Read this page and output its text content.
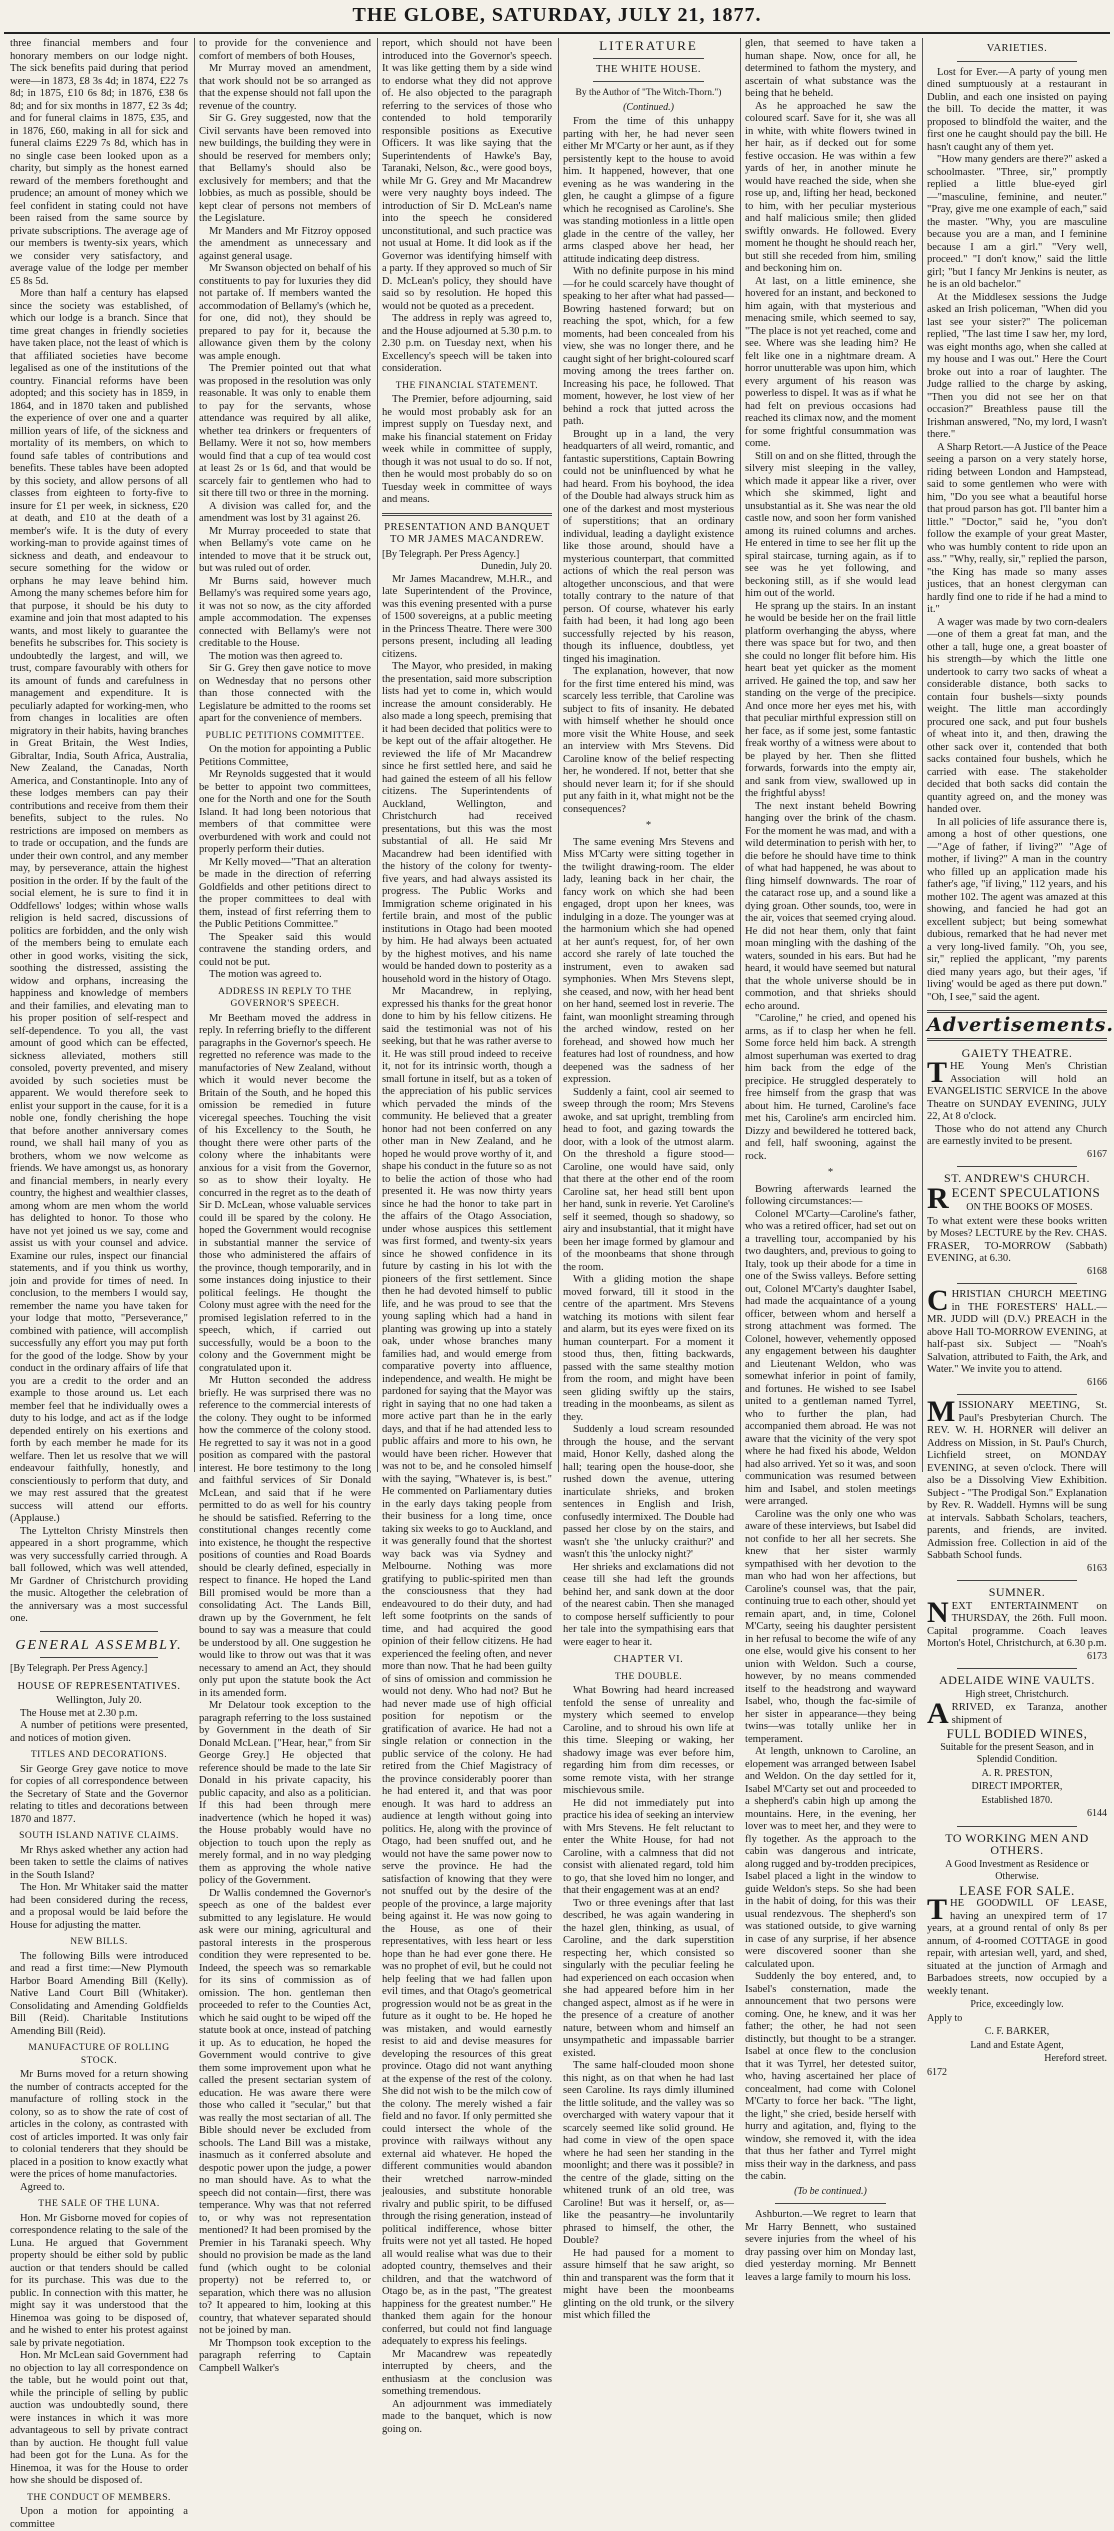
THE GLOBE, SATURDAY, JULY 21, 1877.

three financial members and four honorary members on our lodge night. The sick benefits paid during that period were—in 1873, £8 3s 4d; in 1874, £22 7s 8d; in 1875, £10 6s 8d; in 1876, £38 6s 8d; and for six months in 1877, £2 3s 4d; and for funeral claims in 1875, £35, and in 1876, £60, making in all for sick and funeral claims £229 7s 8d, which has in no single case been looked upon as a charity, but simply as the honest earned reward of the members forethought and prudence; an amount of money which we feel confident in stating could not have been raised from the same source by private subscriptions. The average age of our members is twenty-six years, which we consider very satisfactory, and average value of the lodge per member £5 8s 5d.

More than half a century has elapsed since the society was established, of which our lodge is a branch. Since that time great changes in friendly societies have taken place, not the least of which is that affiliated societies have become legalised as one of the institutions of the country. Financial reforms have been adopted; and this society has in 1859, in 1864, and in 1870 taken and published the experience of over one and a quarter million years of life, of the sickness and mortality of its members, on which to found safe tables of contributions and benefits. These tables have been adopted by this society, and allow persons of all classes from eighteen to forty-five to insure for £1 per week, in sickness, £20 at death, and £10 at the death of a member's wife. It is the duty of every working-man to provide against times of sickness and death, and endeavour to secure something for the widow or orphans he may leave behind him. Among the many schemes before him for that purpose, it should be his duty to examine and join that most adapted to his wants, and most likely to guarantee the benefits he subscribes for. This society is undoubtedly the largest, and will, we trust, compare favourably with others for its amount of funds and carefulness in management and expenditure. It is peculiarly adapted for working-men, who from changes in localities are often migratory in their habits, having branches in Great Britain, the West Indies, Gibraltar, India, South Africa, Australia, New Zealand, the Canadas, North America, and Constantinople. Into any of these lodges members can pay their contributions and receive from them their benefits, subject to the rules. No restrictions are imposed on members as to trade or occupation, and the funds are under their own control, and any member may, by perseverance, attain the highest position in the order. If by the fault of the social element, he is sure to find it in Oddfellows' lodges; within whose walls religion is held sacred, discussions of politics are forbidden, and the only wish of the members being to emulate each other in good works, visiting the sick, soothing the distressed, assisting the widow and orphans, increasing the happiness and knowledge of members and their families, and elevating man to his proper position of self-respect and self-dependence. To you all, the vast amount of good which can be effected, sickness alleviated, mothers still consoled, poverty prevented, and misery avoided by such societies must be apparent. We would therefore seek to enlist your support in the cause, for it is a noble one, fondly cherishing the hope that before another anniversary comes round, we shall hail many of you as brothers, whom we now welcome as friends. We have amongst us, as honorary and financial members, in nearly every country, the highest and wealthier classes, among whom are men whom the world has delighted to honor. To those who have not yet joined us we say, come and assist us with your counsel and advice. Examine our rules, inspect our financial statements, and if you think us worthy, join and provide for times of need. In conclusion, to the members I would say, remember the name you have taken for your lodge that motto, "Perseverance," combined with patience, will accomplish successfully any effort you may put forth for the good of the lodge. Show by your conduct in the ordinary affairs of life that you are a credit to the order and an example to those around us. Let each member feel that he individually owes a duty to his lodge, and act as if the lodge depended entirely on his exertions and forth by each member he made for its welfare. Then let us resolve that we will endeavour faithfully, honestly, and conscientiously to perform that duty, and we may rest assured that the greatest success will attend our efforts. (Applause.)

The Lyttelton Christy Minstrels then appeared in a short programme, which was very successfully carried through. A ball followed, which was well attended, Mr Gardner of Christchurch providing the music. Altogether the celebration of the anniversary was a most successful one.

GENERAL ASSEMBLY.

[By Telegraph. Per Press Agency.]

HOUSE OF REPRESENTATIVES.

Wellington, July 20.

The House met at 2.30 p.m.

A number of petitions were presented, and notices of motion given.

TITLES AND DECORATIONS.

Sir George Grey gave notice to move for copies of all correspondence between the Secretary of State and the Governor relating to titles and decorations between 1870 and 1877.

SOUTH ISLAND NATIVE CLAIMS.

Mr Rhys asked whether any action had been taken to settle the claims of natives in the South Island?

The Hon. Mr Whitaker said the matter had been considered during the recess, and a proposal would be laid before the House for adjusting the matter.

NEW BILLS.

The following Bills were introduced and read a first time:—New Plymouth Harbor Board Amending Bill (Kelly). Native Land Court Bill (Whitaker). Consolidating and Amending Goldfields Bill (Reid). Charitable Institutions Amending Bill (Reid).

MANUFACTURE OF ROLLING STOCK.

Mr Burns moved for a return showing the number of contracts accepted for the manufacture of rolling stock in the colony, so as to show the rate of cost of articles in the colony, as contrasted with cost of articles imported. It was only fair to colonial tenderers that they should be placed in a position to know exactly what were the prices of home manufactories.

Agreed to.

THE SALE OF THE LUNA.

Hon. Mr Gisborne moved for copies of correspondence relating to the sale of the Luna. He argued that Government property should be either sold by public auction or that tenders should be called for its purchase. This was due to the public. In connection with this matter, he might say it was understood that the Hinemoa was going to be disposed of, and he wished to enter his protest against sale by private negotiation.

Hon. Mr McLean said Government had no objection to lay all correspondence on the table, but he would point out that, while the principle of selling by public auction was undoubtedly sound, there were instances in which it was more advantageous to sell by private contract than by auction. He thought full value had been got for the Luna. As for the Hinemoa, it was for the House to order how she should be disposed of.

THE CONDUCT OF MEMBERS.

Upon a motion for appointing a committee

to provide for the convenience and comfort of members of both Houses,

Mr Murray moved an amendment, that work should not be so arranged as that the expense should not fall upon the revenue of the country.

Sir G. Grey suggested, now that the Civil servants have been removed into new buildings, the building they were in should be reserved for members only; that Bellamy's should also be exclusively for members; and that the lobbies, as much as possible, should be kept clear of persons not members of the Legislature.

Mr Manders and Mr Fitzroy opposed the amendment as unnecessary and against general usage.

Mr Swanson objected on behalf of his constituents to pay for luxuries they did not partake of. If members wanted the accommodation of Bellamy's (which he, for one, did not), they should be prepared to pay for it, because the allowance given them by the colony was ample enough.

The Premier pointed out that what was proposed in the resolution was only reasonable. It was only to enable them to pay for the servants, whose attendance was required by all alike, whether tea drinkers or frequenters of Bellamy. Were it not so, how members would find that a cup of tea would cost at least 2s or 1s 6d, and that would be scarcely fair to gentlemen who had to sit there till two or three in the morning.

A division was called for, and the amendment was lost by 31 against 26.

Mr Murray proceeded to state that when Bellamy's vote came on he intended to move that it be struck out, but was ruled out of order.

Mr Burns said, however much Bellamy's was required some years ago, it was not so now, as the city afforded ample accommodation. The expenses connected with Bellamy's were not creditable to the House.

The motion was then agreed to.

Sir G. Grey then gave notice to move on Wednesday that no persons other than those connected with the Legislature be admitted to the rooms set apart for the convenience of members.

PUBLIC PETITIONS COMMITTEE.

On the motion for appointing a Public Petitions Committee,

Mr Reynolds suggested that it would be better to appoint two committees, one for the North and one for the South Island. It had long been notorious that members of that committee were overburdened with work and could not properly perform their duties.

Mr Kelly moved—"That an alteration be made in the direction of referring Goldfields and other petitions direct to the proper committees to deal with them, instead of first referring them to the Public Petitions Committee."

The Speaker said this would contravene the standing orders, and could not be put.

The motion was agreed to.

ADDRESS IN REPLY TO THE GOVERNOR'S SPEECH.

Mr Beetham moved the address in reply. In referring briefly to the different paragraphs in the Governor's speech. He regretted no reference was made to the manufactories of New Zealand, without which it would never become the Britain of the South, and he hoped this omission be remedied in future viceregal speeches. Touching the visit of his Excellency to the South, he thought there were other parts of the colony where the inhabitants were anxious for a visit from the Governor, so as to show their loyalty. He concurred in the regret as to the death of Sir D. McLean, whose valuable services could ill be spared by the colony. He hoped the Government would recognise in substantial manner the service of those who administered the affairs of the province, though temporarily, and in some instances doing injustice to their political feelings. He thought the Colony must agree with the need for the promised legislation referred to in the speech, which, if carried out successfully, would be a boon to the colony and the Government might be congratulated upon it.

Mr Hutton seconded the address briefly. He was surprised there was no reference to the commercial interests of the colony. They ought to be informed how the commerce of the colony stood. He regretted to say it was not in a good position as compared with the pastoral interest. He bore testimony to the long and faithful services of Sir Donald McLean, and said that if he were permitted to do as well for his country he should be satisfied. Referring to the constitutional changes recently come into existence, he thought the respective positions of counties and Road Boards should be clearly defined, especially in respect to finance. He hoped the Land Bill promised would be more than a consolidating Act. The Lands Bill, drawn up by the Government, he felt bound to say was a measure that could be understood by all. One suggestion he would like to throw out was that it was necessary to amend an Act, they should only put upon the statute book the Act in its amended form.

Mr Delatour took exception to the paragraph referring to the loss sustained by Government in the death of Sir Donald McLean. ["Hear, hear," from Sir George Grey.] He objected that reference should be made to the late Sir Donald in his private capacity, his public capacity, and also as a politician. If this had been through mere inadvertence (which he hoped it was) the House probably would have no objection to touch upon the reply as merely formal, and in no way pledging them as approving the whole native policy of the Government.

Dr Wallis condemned the Governor's speech as one of the baldest ever submitted to any legislature. He would ask were our mining, agricultural and pastoral interests in the prosperous condition they were represented to be. Indeed, the speech was so remarkable for its sins of commission as of omission. The hon. gentleman then proceeded to refer to the Counties Act, which he said ought to be wiped off the statute book at once, instead of patching it up. As to education, he hoped the Government would contrive to give them some improvement upon what he called the present sectarian system of education. He was aware there were those who called it "secular," but that was really the most sectarian of all. The Bible should never be excluded from schools. The Land Bill was a mistake, inasmuch as it conferred absolute and despotic power upon the judge, a power no man should have. As to what the speech did not contain—first, there was temperance. Why was that not referred to, or why was not representation mentioned? It had been promised by the Premier in his Taranaki speech. Why should no provision be made as the land fund (which ought to be colonial property) not be referred to, or separation, which there was no allusion to? It appeared to him, looking at this country, that whatever separated should not be joined by man.

Mr Thompson took exception to the paragraph referring to Captain Campbell Walker's

report, which should not have been introduced into the Governor's speech. It was like getting them by a side wind to endorse what they did not approve of. He also objected to the paragraph referring to the services of those who contended to hold temporarily responsible positions as Executive Officers. It was like saying that the Superintendents of Hawke's Bay, Taranaki, Nelson, &c., were good boys, while Mr G. Grey and Mr Macandrew were very naughty boys indeed. The introduction of Sir D. McLean's name into the speech he considered unconstitutional, and such practice was not usual at Home. It did look as if the Governor was identifying himself with a party. If they approved so much of Sir D. McLean's policy, they should have said so by resolution. He hoped this would not be quoted as a precedent.

The address in reply was agreed to, and the House adjourned at 5.30 p.m. to 2.30 p.m. on Tuesday next, when his Excellency's speech will be taken into consideration.

THE FINANCIAL STATEMENT.

The Premier, before adjourning, said he would most probably ask for an imprest supply on Tuesday next, and make his financial statement on Friday week while in committee of supply, though it was not usual to do so. If not, then he would most probably do so on Tuesday week in committee of ways and means.

PRESENTATION AND BANQUET TO MR JAMES MACANDREW.

[By Telegraph. Per Press Agency.]

Dunedin, July 20.

Mr James Macandrew, M.H.R., and late Superintendent of the Province, was this evening presented with a purse of 1500 sovereigns, at a public meeting in the Princess Theatre. There were 300 persons present, including all leading citizens.

The Mayor, who presided, in making the presentation, said more subscription lists had yet to come in, which would increase the amount considerably. He also made a long speech, premising that it had been decided that politics were to be kept out of the affair altogether. He reviewed the life of Mr Macandrew since he first settled here, and said he had gained the esteem of all his fellow citizens. The Superintendents of Auckland, Wellington, and Christchurch had received presentations, but this was the most substantial of all. He said Mr Macandrew had been identified with the history of the colony for twenty-five years, and had always assisted its progress. The Public Works and Immigration scheme originated in his fertile brain, and most of the public institutions in Otago had been mooted by him. He had always been actuated by the highest motives, and his name would be handed down to posterity as a household word in the history of Otago.

Mr Macandrew, in replying, expressed his thanks for the great honor done to him by his fellow citizens. He said the testimonial was not of his seeking, but that he was rather averse to it. He was still proud indeed to receive it, not for its intrinsic worth, though a small fortune in itself, but as a token of the appreciation of his public services which pervaded the minds of the community. He believed that a greater honor had not been conferred on any other man in New Zealand, and he hoped he would prove worthy of it, and shape his conduct in the future so as not to belie the action of those who had presented it. He was now thirty years since he had the honor to take part in the affairs of the Otago Association, under whose auspices this settlement was first formed, and twenty-six years since he showed confidence in its future by casting in his lot with the pioneers of the first settlement. Since then he had devoted himself to public life, and he was proud to see that the young sapling which had a hand in planting was growing up into a stately oak, under whose branches many families had, and would emerge from comparative poverty into affluence, independence, and wealth. He might be pardoned for saying that the Mayor was right in saying that no one had taken a more active part than he in the early days, and that if he had attended less to public affairs and more to his own, he would have been richer. However that was not to be, and he consoled himself with the saying, "Whatever is, is best." He commented on Parliamentary duties in the early days taking people from their business for a long time, once taking six weeks to go to Auckland, and it was generally found that the shortest way back was via Sydney and Melbourne. Nothing was more gratifying to public-spirited men than the consciousness that they had endeavoured to do their duty, and had left some footprints on the sands of time, and had acquired the good opinion of their fellow citizens. He had experienced the feeling often, and never more than now. That he had been guilty of sins of omission and commission he would not deny. Who had not? But he had never made use of high official position for nepotism or the gratification of avarice. He had not a single relation or connection in the public service of the colony. He had retired from the Chief Magistracy of the province considerably poorer than he had entered it, and that was poor enough. It was hard to address an audience at length without going into politics. He, along with the province of Otago, had been snuffed out, and he would not have the same power now to serve the province. He had the satisfaction of knowing that they were not snuffed out by the desire of the people of the province, a large majority being against it. He was now going to the House, as one of their representatives, with less heart or less hope than he had ever gone there. He was no prophet of evil, but he could not help feeling that we had fallen upon evil times, and that Otago's geometrical progression would not be as great in the future as it ought to be. He hoped he was mistaken, and would earnestly resist to aid and devise measures for developing the resources of this great province. Otago did not want anything at the expense of the rest of the colony. She did not wish to be the milch cow of the colony. The merely wished a fair field and no favor. If only permitted she could intersect the whole of the province with railways without any external aid whatever. He hoped the different communities would abandon their wretched narrow-minded jealousies, and substitute honorable rivalry and public spirit, to be diffused through the rising generation, instead of political indifference, whose bitter fruits were not yet all tasted. He hoped all would realise what was due to their adopted country, themselves and their children, and that the watchword of Otago be, as in the past, "The greatest happiness for the greatest number." He thanked them again for the honour conferred, but could not find language adequately to express his feelings.

Mr Macandrew was repeatedly interrupted by cheers, and the enthusiasm at the conclusion was something tremendous.

An adjournment was immediately made to the banquet, which is now going on.

LITERATURE
THE WHITE HOUSE.
By the Author of "The Witch-Thorn.")
(Continued.)

From the time of this unhappy parting with her, he had never seen either Mr M'Carty or her aunt, as if they persistently kept to the house to avoid him. It happened, however, that one evening as he was wandering in the glen, he caught a glimpse of a figure which he recognised as Caroline's. She was standing motionless in a little open glade in the centre of the valley, her arms clasped above her head, her attitude indicating deep distress.

With no definite purpose in his mind—for he could scarcely have thought of speaking to her after what had passed—Bowring hastened forward; but on reaching the spot, which, for a few moments, had been concealed from his view, she was no longer there, and he caught sight of her bright-coloured scarf moving among the trees farther on. Increasing his pace, he followed. That moment, however, he lost view of her behind a rock that jutted across the path.

Brought up in a land, the very headquarters of all weird, romantic, and fantastic superstitions, Captain Bowring could not be uninfluenced by what he had heard. From his boyhood, the idea of the Double had always struck him as one of the darkest and most mysterious of superstitions; that an ordinary individual, leading a daylight existence like those around, should have a mysterious counterpart, that committed actions of which the real person was altogether unconscious, and that were totally contrary to the nature of that person. Of course, whatever his early faith had been, it had long ago been successfully rejected by his reason, though its influence, doubtless, yet tinged his imagination.

The explanation, however, that now for the first time entered his mind, was scarcely less terrible, that Caroline was subject to fits of insanity. He debated with himself whether he should once more visit the White House, and seek an interview with Mrs Stevens. Did Caroline know of the belief respecting her, he wondered. If not, better that she should never learn it; for if she should put any faith in it, what might not be the consequences?

*

The same evening Mrs Stevens and Miss M'Carty were sitting together in the twilight drawing-room. The elder lady, leaning back in her chair, the fancy work on which she had been engaged, dropt upon her knees, was indulging in a doze. The younger was at the harmonium which she had opened at her aunt's request, for, of her own accord she rarely of late touched the instrument, even to awaken sad symphonies. When Mrs Stevens slept, she ceased, and now, with her head bent on her hand, seemed lost in reverie. The faint, wan moonlight streaming through the arched window, rested on her forehead, and showed how much her features had lost of roundness, and how deepened was the sadness of her expression.

Suddenly a faint, cool air seemed to sweep through the room; Mrs Stevens awoke, and sat upright, trembling from head to foot, and gazing towards the door, with a look of the utmost alarm. On the threshold a figure stood—Caroline, one would have said, only that there at the other end of the room Caroline sat, her head still bent upon her hand, sunk in reverie. Yet Caroline's self it seemed, though so shadowy, so airy and insubstantial, that it might have been her image formed by glamour and of the moonbeams that shone through the room.

With a gliding motion the shape moved forward, till it stood in the centre of the apartment. Mrs Stevens watching its motions with silent fear and alarm, but its eyes were fixed on its human counterpart. For a moment it stood thus, then, fitting backwards, passed with the same stealthy motion from the room, and might have been seen gliding swiftly up the stairs, treading in the moonbeams, as silent as they.

Suddenly a loud scream resounded through the house, and the servant maid, Honor Kelly, dashed along the hall; tearing open the house-door, she rushed down the avenue, uttering inarticulate shrieks, and broken sentences in English and Irish, confusedly intermixed. The Double had passed her close by on the stairs, and wasn't she 'the unlucky craithur?' and wasn't this 'the unlocky night?'

Her shrieks and exclamations did not cease till she had left the grounds behind her, and sank down at the door of the nearest cabin. Then she managed to compose herself sufficiently to pour her tale into the sympathising ears that were eager to hear it.

CHAPTER VI.
THE DOUBLE.

What Bowring had heard increased tenfold the sense of unreality and mystery which seemed to envelop Caroline, and to shroud his own life at this time. Sleeping or waking, her shadowy image was ever before him, regarding him from dim recesses, or some remote vista, with her strange mischievous smile.

He did not immediately put into practice his idea of seeking an interview with Mrs Stevens. He felt reluctant to enter the White House, for had not Caroline, with a calmness that did not consist with alienated regard, told him to go, that she loved him no longer, and that their engagement was at an end?

Two or three evenings after that last described, he was again wandering in the hazel glen, thinking, as usual, of Caroline, and the dark superstition respecting her, which consisted so singularly with the peculiar feeling he had experienced on each occasion when she had appeared before him in her changed aspect, almost as if he were in the presence of a creature of another nature, between whom and himself an unsympathetic and impassable barrier existed.

The same half-clouded moon shone this night, as on that when he had last seen Caroline. Its rays dimly illumined the little solitude, and the valley was so overcharged with watery vapour that it scarcely seemed like solid ground. He had come in view of the open space where he had seen her standing in the moonlight; and there was it possible? in the centre of the glade, sitting on the whitened trunk of an old tree, was Caroline! But was it herself, or, as—like the peasantry—he involuntarily phrased to himself, the other, the Double?

He had paused for a moment to assure himself that he saw aright, so thin and transparent was the form that it might have been the moonbeams glinting on the old trunk, or the silvery mist which filled the

glen, that seemed to have taken a human shape. Now, once for all, he determined to fathom the mystery, and ascertain of what substance was the being that he beheld.

As he approached he saw the coloured scarf. Save for it, she was all in white, with white flowers twined in her hair, as if decked out for some festive occasion. He was within a few yards of her, in another minute he would have reached the side, when she rose up, and, lifting her head, beckoned to him, with her peculiar mysterious and half malicious smile; then glided swiftly onwards. He followed. Every moment he thought he should reach her, but still she receded from him, smiling and beckoning him on.

At last, on a little eminence, she hovered for an instant, and beckoned to him again, with that mysterious and menacing smile, which seemed to say, "The place is not yet reached, come and see. Where was she leading him? He felt like one in a nightmare dream. A horror unutterable was upon him, which every argument of his reason was powerless to dispel. It was as if what he had felt on previous occasions had reached its climax now, and the moment for some frightful consummation was come.

Still on and on she flitted, through the silvery mist sleeping in the valley, which made it appear like a river, over which she skimmed, light and unsubstantial as it. She was near the old castle now, and soon her form vanished among its ruined columns and arches. He entered in time to see her flit up the spiral staircase, turning again, as if to see was he yet following, and beckoning still, as if she would lead him out of the world.

He sprang up the stairs. In an instant he would be beside her on the frail little platform overhanging the abyss, where there was space but for two, and then she could no longer flit before him. His heart beat yet quicker as the moment arrived. He gained the top, and saw her standing on the verge of the precipice. And once more her eyes met his, with that peculiar mirthful expression still on her face, as if some jest, some fantastic freak worthy of a witness were about to be played by her. Then she flitted forwards, forwards into the empty air, and sank from view, swallowed up in the frightful abyss!

The next instant beheld Bowring hanging over the brink of the chasm. For the moment he was mad, and with a wild determination to perish with her, to die before he should have time to think of what had happened, he was about to fling himself downwards. The roar of the cataract rose up, and a sound like a dying groan. Other sounds, too, were in the air, voices that seemed crying aloud. He did not hear them, only that faint moan mingling with the dashing of the waters, sounded in his ears. But had he heard, it would have seemed but natural that the whole universe should be in commotion, and that shrieks should echo around.

"Caroline," he cried, and opened his arms, as if to clasp her when he fell. Some force held him back. A strength almost superhuman was exerted to drag him back from the edge of the precipice. He struggled desperately to free himself from the grasp that was about him. He turned, Caroline's face met his, Caroline's arm encircled him. Dizzy and bewildered he tottered back, and fell, half swooning, against the rock.

*

Bowring afterwards learned the following circumstances:—

Colonel M'Carty—Caroline's father, who was a retired officer, had set out on a travelling tour, accompanied by his two daughters, and, previous to going to Italy, took up their abode for a time in one of the Swiss valleys. Before setting out, Colonel M'Carty's daughter Isabel, had made the acquaintance of a young officer, between whom and herself a strong attachment was formed. The Colonel, however, vehemently opposed any engagement between his daughter and Lieutenant Weldon, who was somewhat inferior in point of family, and fortunes. He wished to see Isabel united to a gentleman named Tyrrel, who to further the plan, had accompanied them abroad. He was not aware that the vicinity of the very spot where he had fixed his abode, Weldon had also arrived. Yet so it was, and soon communication was resumed between him and Isabel, and stolen meetings were arranged.

Caroline was the only one who was aware of these interviews, but Isabel did not confide to her all her secrets. She knew that her sister warmly sympathised with her devotion to the man who had won her affections, but Caroline's counsel was, that the pair, continuing true to each other, should yet remain apart, and, in time, Colonel M'Carty, seeing his daughter persistent in her refusal to become the wife of any one else, would give his consent to her union with Weldon. Such a course, however, by no means commended itself to the headstrong and wayward Isabel, who, though the fac-simile of her sister in appearance—they being twins—was totally unlike her in temperament.

At length, unknown to Caroline, an elopement was arranged between Isabel and Weldon. On the day settled for it, Isabel M'Carty set out and proceeded to a shepherd's cabin high up among the mountains. Here, in the evening, her lover was to meet her, and they were to fly together. As the approach to the cabin was dangerous and intricate, along rugged and by-trodden precipices, Isabel placed a light in the window to guide Weldon's steps. So she had been in the habit of doing, for this was their usual rendezvous. The shepherd's son was stationed outside, to give warning in case of any surprise, if her absence were discovered sooner than she calculated upon.

Suddenly the boy entered, and, to Isabel's consternation, made the announcement that two persons were coming. One, he knew, and it was her father; the other, he had not seen distinctly, but thought to be a stranger. Isabel at once flew to the conclusion that it was Tyrrel, her detested suitor, who, having ascertained her place of concealment, had come with Colonel M'Carty to force her back. "The light, the light," she cried, beside herself with hurry and agitation, and, flying to the window, she removed it, with the idea that thus her father and Tyrrel might miss their way in the darkness, and pass the cabin.

(To be continued.)

Ashburton.—We regret to learn that Mr Harry Bennett, who sustained severe injuries from the wheel of his dray passing over him on Monday last, died yesterday morning. Mr Bennett leaves a large family to mourn his loss.

VARIETIES.

Lost for Ever.—A party of young men dined sumptuously at a restaurant in Dublin, and each one insisted on paying the bill. To decide the matter, it was proposed to blindfold the waiter, and the first one he caught should pay the bill. He hasn't caught any of them yet.

"How many genders are there?" asked a schoolmaster. "Three, sir," promptly replied a little blue-eyed girl—"masculine, feminine, and neuter." "Pray, give me one example of each," said the master. "Why, you are masculine because you are a man, and I feminine because I am a girl." "Very well, proceed." "I don't know," said the little girl; "but I fancy Mr Jenkins is neuter, as he is an old bachelor."

At the Middlesex sessions the Judge asked an Irish policeman, "When did you last see your sister?" The policeman replied, "The last time I saw her, my lord, was eight months ago, when she called at my house and I was out." Here the Court broke out into a roar of laughter. The Judge rallied to the charge by asking, "Then you did not see her on that occasion?" Breathless pause till the Irishman answered, "No, my lord, I wasn't there."

A Sharp Retort.—A Justice of the Peace seeing a parson on a very stately horse, riding between London and Hampstead, said to some gentlemen who were with him, "Do you see what a beautiful horse that proud parson has got. I'll banter him a little." "Doctor," said he, "you don't follow the example of your great Master, who was humbly content to ride upon an ass." "Why, really, sir," replied the parson, "the King has made so many asses justices, that an honest clergyman can hardly find one to ride if he had a mind to it."

A wager was made by two corn-dealers—one of them a great fat man, and the other a tall, huge one, a great boaster of his strength—by which the little one undertook to carry two sacks of wheat a considerable distance, both sacks to contain four bushels—sixty pounds weight. The little man accordingly procured one sack, and put four bushels of wheat into it, and then, drawing the other sack over it, contended that both sacks contained four bushels, which he carried with ease. The stakeholder decided that both sacks did contain the quantity agreed on, and the money was handed over.

In all policies of life assurance there is, among a host of other questions, one—"Age of father, if living?" "Age of mother, if living?" A man in the country who filled up an application made his father's age, "if living," 112 years, and his mother 102. The agent was amazed at this showing, and fancied he had got an excellent subject; but being somewhat dubious, remarked that he had never met a very long-lived family. "Oh, you see, sir," replied the applicant, "my parents died many years ago, but their ages, 'if living' would be aged as there put down." "Oh, I see," said the agent.

Advertisements.
GAIETY THEATRE.

THE Young Men's Christian Association will hold an EVANGELISTIC SERVICE In the above Theatre on SUNDAY EVENING, JULY 22, At 8 o'clock.

Those who do not attend any Church are earnestly invited to be present.

6167
ST. ANDREW'S CHURCH.

RECENT SPECULATIONS

ON THE BOOKS OF MOSES.

To what extent were these books written by Moses? LECTURE by the Rev. CHAS. FRASER, TO-MORROW (Sabbath) EVENING, at 6.30.

6168

CHRISTIAN CHURCH MEETING in THE FORESTERS' HALL.—MR. JUDD will (D.V.) PREACH in the above Hall TO-MORROW EVENING, at half-past six. Subject — "Noah's Salvation, attributed to Faith, the Ark, and Water." We invite you to attend.

6166

MISSIONARY MEETING, St. Paul's Presbyterian Church. The REV. W. H. HORNER will deliver an Address on Mission, in St. Paul's Church, Lichfield street, on MONDAY EVENING, at seven o'clock. There will also be a Dissolving View Exhibition. Subject - "The Prodigal Son." Explanation by Rev. R. Waddell. Hymns will be sung at intervals. Sabbath Scholars, teachers, parents, and friends, are invited. Admission free. Collection in aid of the Sabbath School funds.

6163
SUMNER.

NEXT ENTERTAINMENT on THURSDAY, the 26th. Full moon. Capital programme. Coach leaves Morton's Hotel, Christchurch, at 6.30 p.m.

6173
ADELAIDE WINE VAULTS.
High street, Christchurch.

ARRIVED, ex Taranza, another shipment of

FULL BODIED WINES,
Suitable for the present Season, and in Splendid Condition.
A. R. PRESTON,
DIRECT IMPORTER,
Established 1870.
6144
TO WORKING MEN AND OTHERS.
A Good Investment as Residence or Otherwise.
LEASE FOR SALE.

THE GOODWILL OF LEASE, having an unexpired term of 17 years, at a ground rental of only 8s per annum, of 4-roomed COTTAGE in good repair, with artesian well, yard, and shed, situated at the junction of Armagh and Barbadoes streets, now occupied by a weekly tenant.

Price, exceedingly low.
Apply to
C. F. BARKER,
Land and Estate Agent,
Hereford street.
6172
